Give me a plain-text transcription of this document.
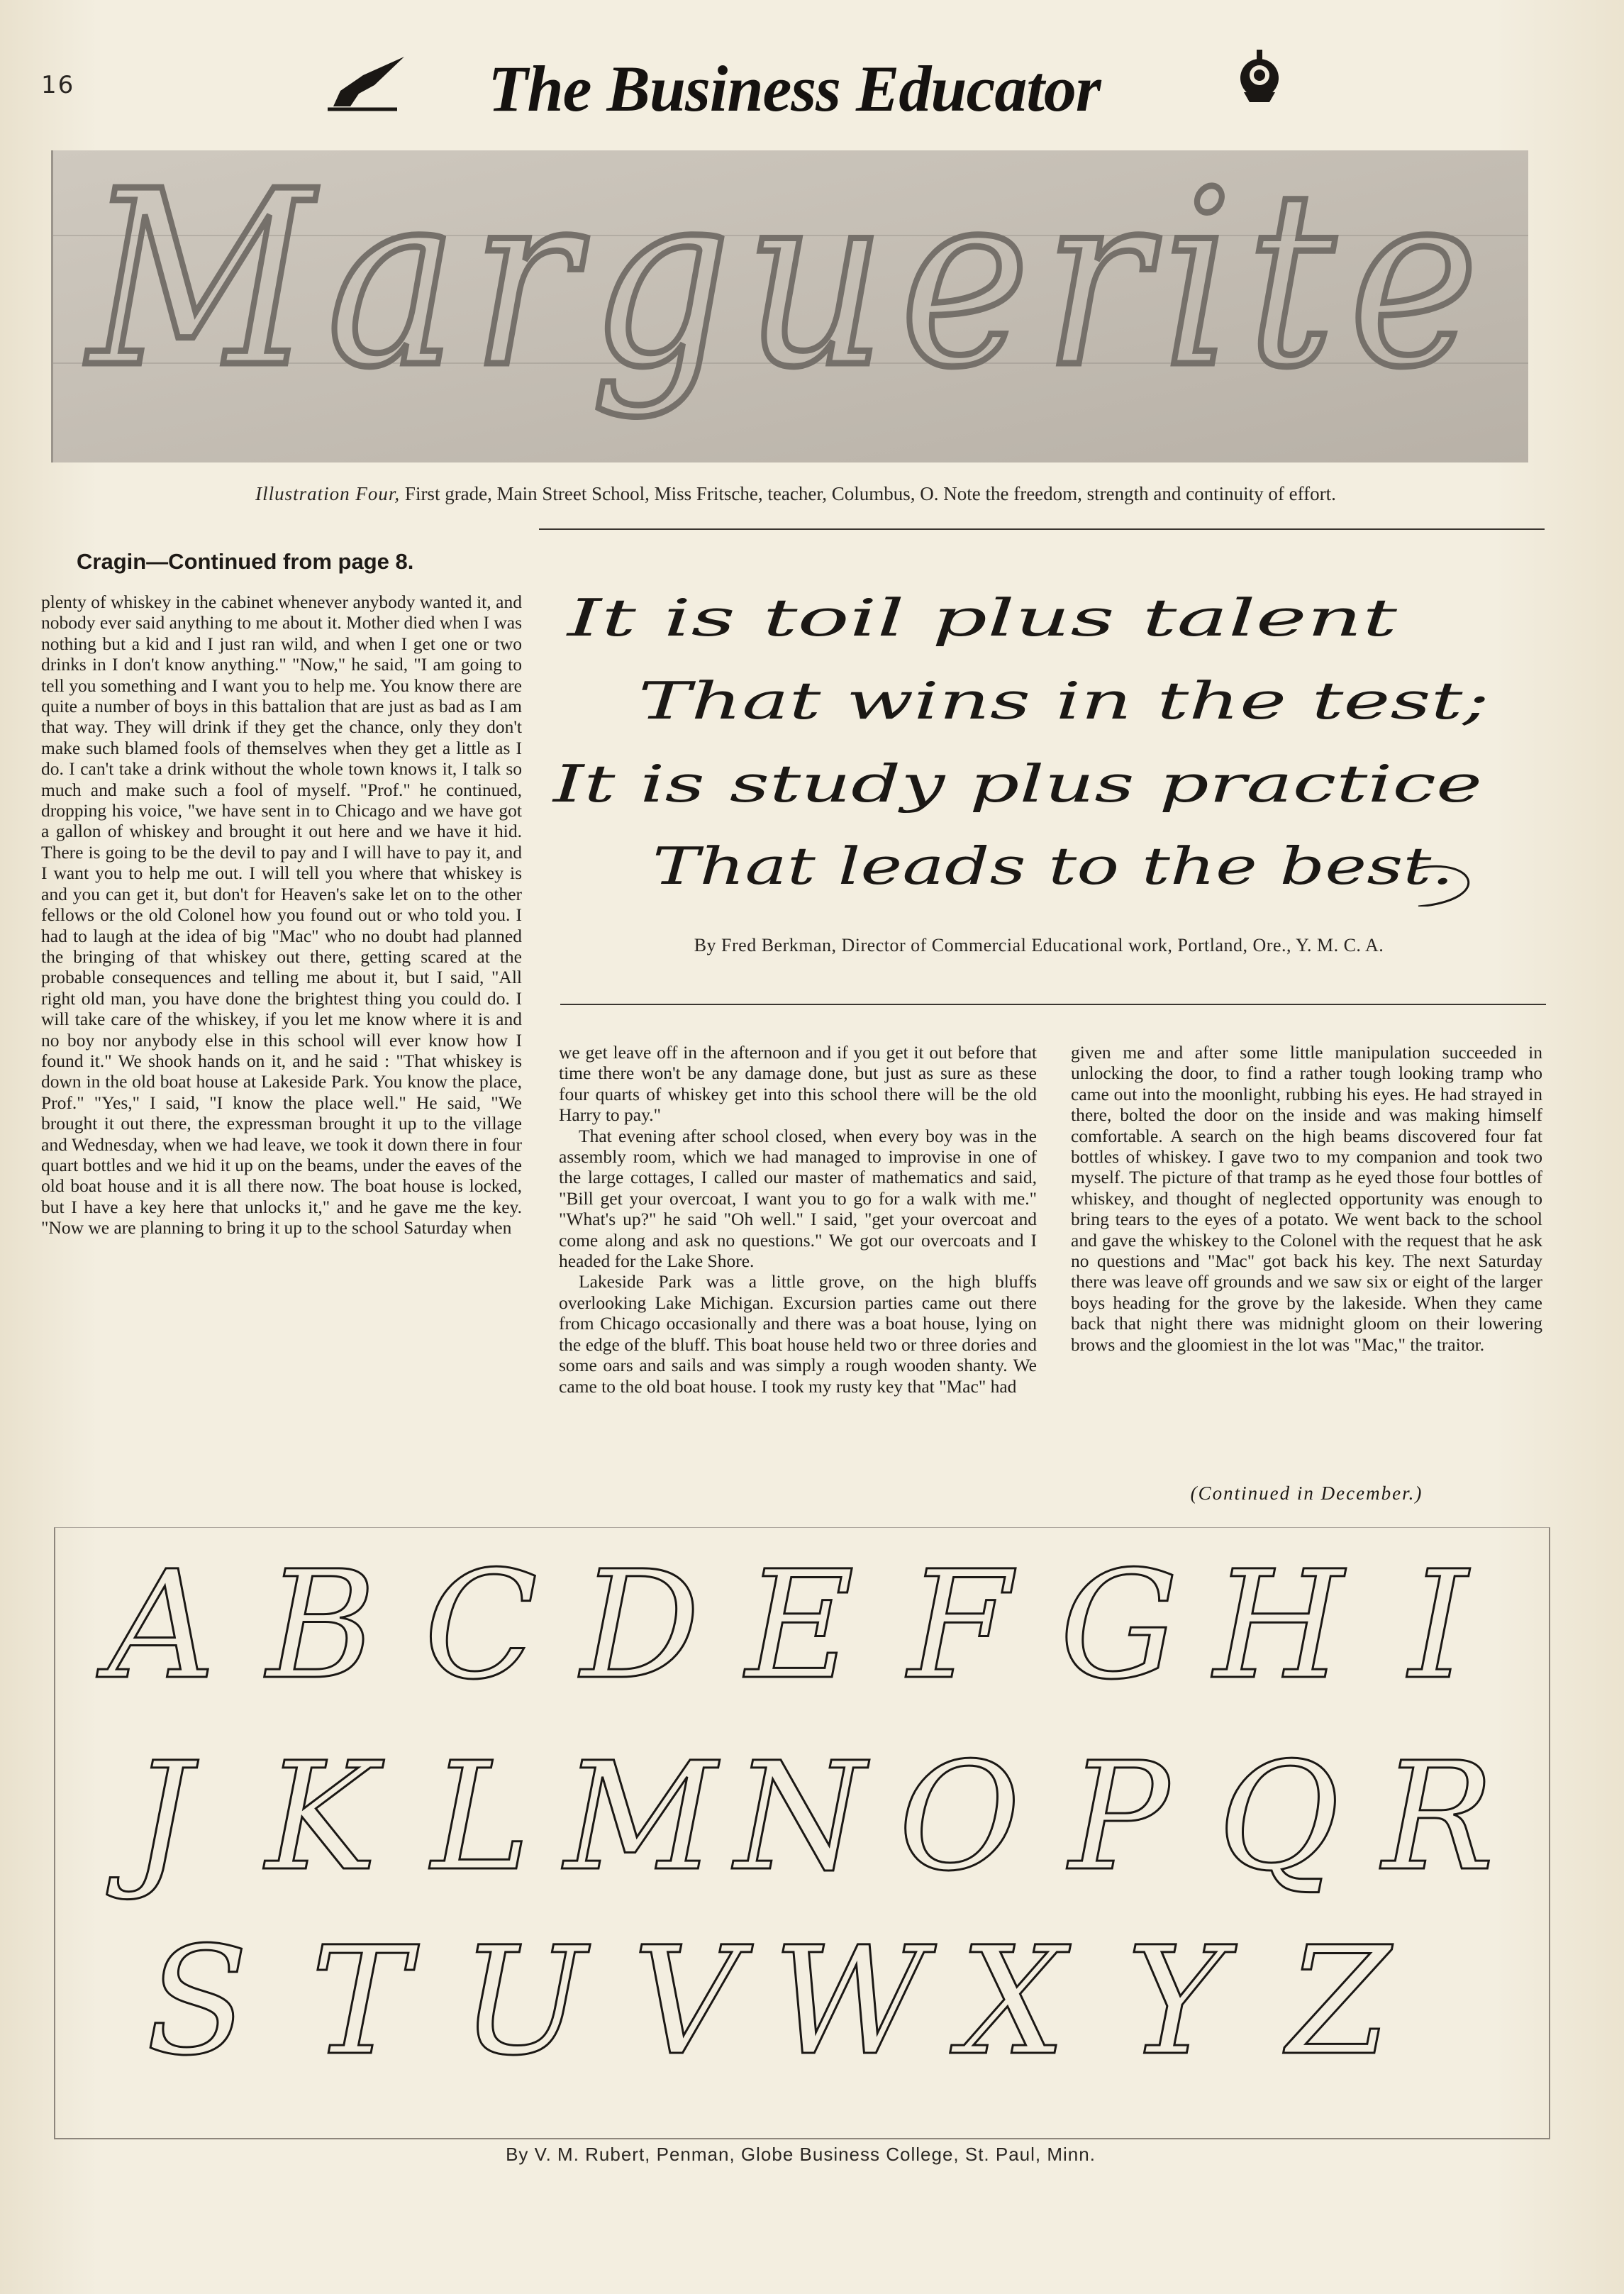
16	The Business Educator
Marguerite
Illustration Four, First grade, Main Street School, Miss Fritsche, teacher, Columbus, O. Note the freedom, strength and continuity of effort.
Cragin—Continued from page 8.

plenty of whiskey in the cabinet whenever anybody wanted it, and nobody ever said anything to me about it. Mother died when I was nothing but a kid and I just ran wild, and when I get one or two drinks in I don't know anything." "Now," he said, "I am going to tell you something and I want you to help me. You know there are quite a number of boys in this battalion that are just as bad as I am that way. They will drink if they get the chance, only they don't make such blamed fools of themselves when they get a little as I do. I can't take a drink without the whole town knows it, I talk so much and make such a fool of myself. "Prof." he continued, dropping his voice, "we have sent in to Chicago and we have got a gallon of whiskey and brought it out here and we have it hid. There is going to be the devil to pay and I will have to pay it, and I want you to help me out. I will tell you where that whiskey is and you can get it, but don't for Heaven's sake let on to the other fellows or the old Colonel how you found out or who told you. I had to laugh at the idea of big "Mac" who no doubt had planned the bringing of that whiskey out there, getting scared at the probable consequences and telling me about it, but I said, "All right old man, you have done the brightest thing you could do. I will take care of the whiskey, if you let me know where it is and no boy nor anybody else in this school will ever know how I found it." We shook hands on it, and he said : "That whiskey is down in the old boat house at Lakeside Park. You know the place, Prof." "Yes," I said, "I know the place well." He said, "We brought it out there, the expressman brought it up to the village and Wednesday, when we had leave, we took it down there in four quart bottles and we hid it up on the beams, under the eaves of the old boat house and it is all there now. The boat house is locked, but I have a key here that unlocks it," and he gave me the key. "Now we are planning to bring it up to the school Saturday when

It is toil plus talent
That wins in the test;
It is study plus practice
That leads to the best.
By Fred Berkman, Director of Commercial Educational work, Portland, Ore., Y. M. C. A.

we get leave off in the afternoon and if you get it out before that time there won't be any damage done, but just as sure as these four quarts of whiskey get into this school there will be the old Harry to pay."

That evening after school closed, when every boy was in the assembly room, which we had managed to improvise in one of the large cottages, I called our master of mathematics and said, "Bill get your overcoat, I want you to go for a walk with me." "What's up?" he said "Oh well." I said, "get your overcoat and come along and ask no questions." We got our overcoats and I headed for the Lake Shore.

Lakeside Park was a little grove, on the high bluffs overlooking Lake Michigan. Excursion parties came out there from Chicago occasionally and there was a boat house, lying on the edge of the bluff. This boat house held two or three dories and some oars and sails and was simply a rough wooden shanty. We came to the old boat house. I took my rusty key that "Mac" had

given me and after some little manipulation succeeded in unlocking the door, to find a rather tough looking tramp who came out into the moonlight, rubbing his eyes. He had strayed in there, bolted the door on the inside and was making himself comfortable. A search on the high beams discovered four fat bottles of whiskey. I gave two to my companion and took two myself. The picture of that tramp as he eyed those four bottles of whiskey, and thought of neglected opportunity was enough to bring tears to the eyes of a potato. We went back to the school and gave the whiskey to the Colonel with the request that he ask no questions and "Mac" got back his key. The next Saturday there was leave off grounds and we saw six or eight of the larger boys heading for the grove by the lakeside. When they came back that night there was midnight gloom on their lowering brows and the gloomiest in the lot was "Mac," the traitor.

(Continued in December.)
A B C D E F G H I
J K L M N O P Q R
S T U V W X Y Z
By V. M. Rubert, Penman, Globe Business College, St. Paul, Minn.
